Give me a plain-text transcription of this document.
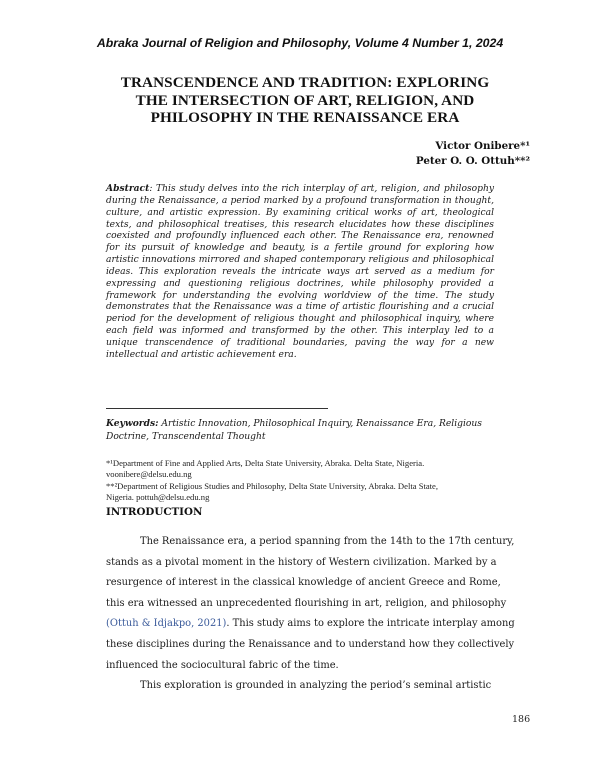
Abraka Journal of Religion and Philosophy, Volume 4 Number 1, 2024
TRANSCENDENCE AND TRADITION: EXPLORING
THE INTERSECTION OF ART, RELIGION, AND
PHILOSOPHY IN THE RENAISSANCE ERA
Victor Onibere*¹
Peter O. O. Ottuh**²
Abstract: This study delves into the rich interplay of art, religion, and philosophy during the Renaissance, a period marked by a profound transformation in thought, culture, and artistic expression. By examining critical works of art, theological texts, and philosophical treatises, this research elucidates how these disciplines coexisted and profoundly influenced each other. The Renaissance era, renowned for its pursuit of knowledge and beauty, is a fertile ground for exploring how artistic innovations mirrored and shaped contemporary religious and philosophical ideas. This exploration reveals the intricate ways art served as a medium for expressing and questioning religious doctrines, while philosophy provided a framework for understanding the evolving worldview of the time. The study demonstrates that the Renaissance was a time of artistic flourishing and a crucial period for the development of religious thought and philosophical inquiry, where each field was informed and transformed by the other. This interplay led to a unique transcendence of traditional boundaries, paving the way for a new intellectual and artistic achievement era.
Keywords: Artistic Innovation, Philosophical Inquiry, Renaissance Era, Religious Doctrine, Transcendental Thought
*¹Department of Fine and Applied Arts, Delta State University, Abraka. Delta State, Nigeria.
voonibere@delsu.edu.ng
**²Department of Religious Studies and Philosophy, Delta State University, Abraka. Delta State,
Nigeria. pottuh@delsu.edu.ng
INTRODUCTION
The Renaissance era, a period spanning from the 14th to the 17th century,
stands as a pivotal moment in the history of Western civilization. Marked by a
resurgence of interest in the classical knowledge of ancient Greece and Rome,
this era witnessed an unprecedented flourishing in art, religion, and philosophy
(Ottuh & Idjakpo, 2021). This study aims to explore the intricate interplay among
these disciplines during the Renaissance and to understand how they collectively
influenced the sociocultural fabric of the time.
This exploration is grounded in analyzing the period’s seminal artistic
186
